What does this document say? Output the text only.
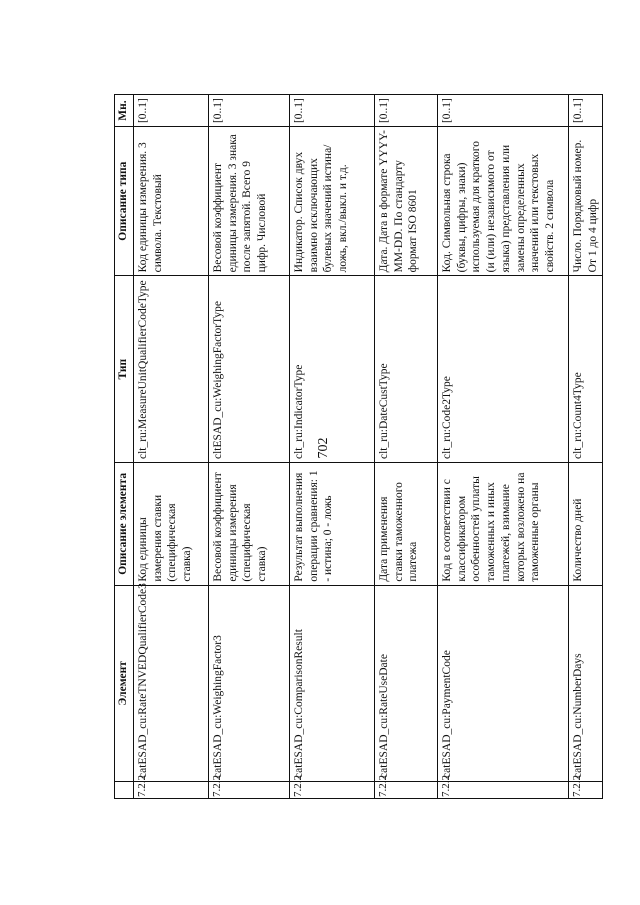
702
	Элемент	Описание элемента	Тип	Описание типа	Мн.
7.2.2	catESAD_cu:RateTNVEDQualifierCode3	Код единицы измерения ставки (специфическая ставка)	clt_ru:MeasureUnitQualifierCodeType	Код единицы измерения. 3 символа. Текстовый	[0..1]
7.2.2	catESAD_cu:WeighingFactor3	Весовой коэффициент единицы измерения (специфическая ставка)	cltESAD_cu:WeighingFactorType	Весовой коэффициент единицы измерения. 3 знака после запятой. Всего 9 цифр. Числовой	[0..1]
7.2.2	catESAD_cu:ComparisonResult	Результат выполнения операции сравнения: 1 - истина; 0 - ложь	clt_ru:IndicatorType	Индикатор. Список двух взаимно исключающих булевых значений истина/ложь, вкл./выкл. и т.д.	[0..1]
7.2.2	catESAD_cu:RateUseDate	Дата применения ставки таможенного платежа	clt_ru:DateCustType	Дата. Дата в формате YYYY-MM-DD. По стандарту формат ISO 8601	[0..1]
7.2.2	catESAD_cu:PaymentCode	Код в соответствии с классификатором особенностей уплаты таможенных и иных платежей, взимание которых возложено на таможенные органы	clt_ru:Code2Type	Код. Символьная строка (буквы, цифры, знаки) используемая для краткого (и (или) независимого от языка) представления или замены определенных значений или текстовых свойств. 2 символа	[0..1]
7.2.2	catESAD_cu:NumberDays	Количество дней	clt_ru:Count4Type	Число. Порядковый номер. От 1 до 4 цифр	[0..1]
